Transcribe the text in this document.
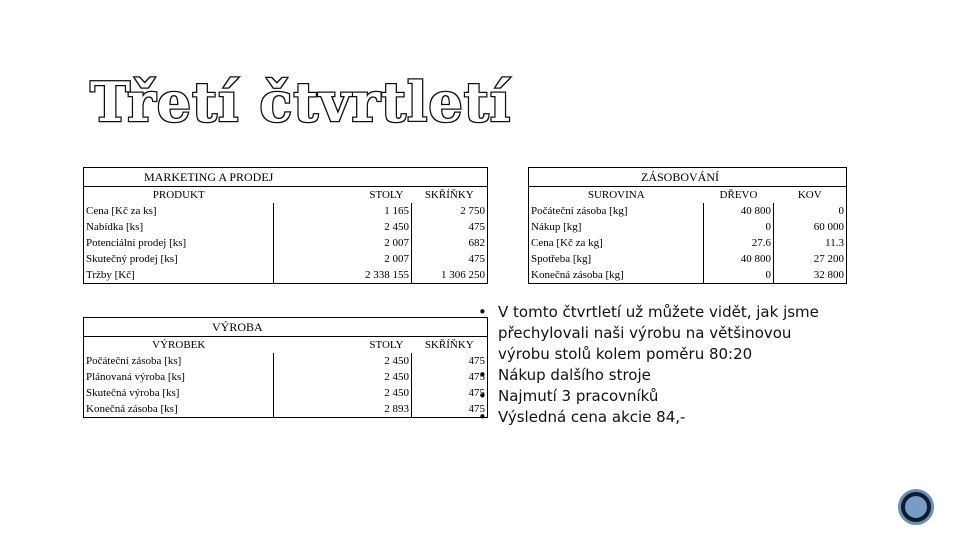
Třetí čtvrtletí
MARKETING A PRODEJ		
PRODUKT	STOLY	SKŘÍŇKY
Cena [Kč za ks]	1 165	2 750
Nabídka [ks]	2 450	475
Potenciální prodej [ks]	2 007	682
Skutečný prodej [ks]	2 007	475
Tržby [Kč]	2 338 155	1 306 250
VÝROBA		
VÝROBEK	STOLY	SKŘÍŇKY
Počáteční zásoba [ks]	2 450	475
Plánovaná výroba [ks]	2 450	475
Skutečná výroba [ks]	2 450	475
Konečná zásoba [ks]	2 893	475
ZÁSOBOVÁNÍ		
SUROVINA	DŘEVO	KOV
Počáteční zásoba [kg]	40 800	0
Nákup [kg]	0	60 000
Cena [Kč za kg]	27.6	11.3
Spotřeba [kg]	40 800	27 200
Konečná zásoba [kg]	0	32 800
• V tomto čtvrtletí už můžete vidět, jak jsme přechylovali naši výrobu na většinovou výrobu stolů kolem poměru 80:20
• Nákup dalšího stroje
• Najmutí 3 pracovníků
• Výsledná cena akcie 84,-
